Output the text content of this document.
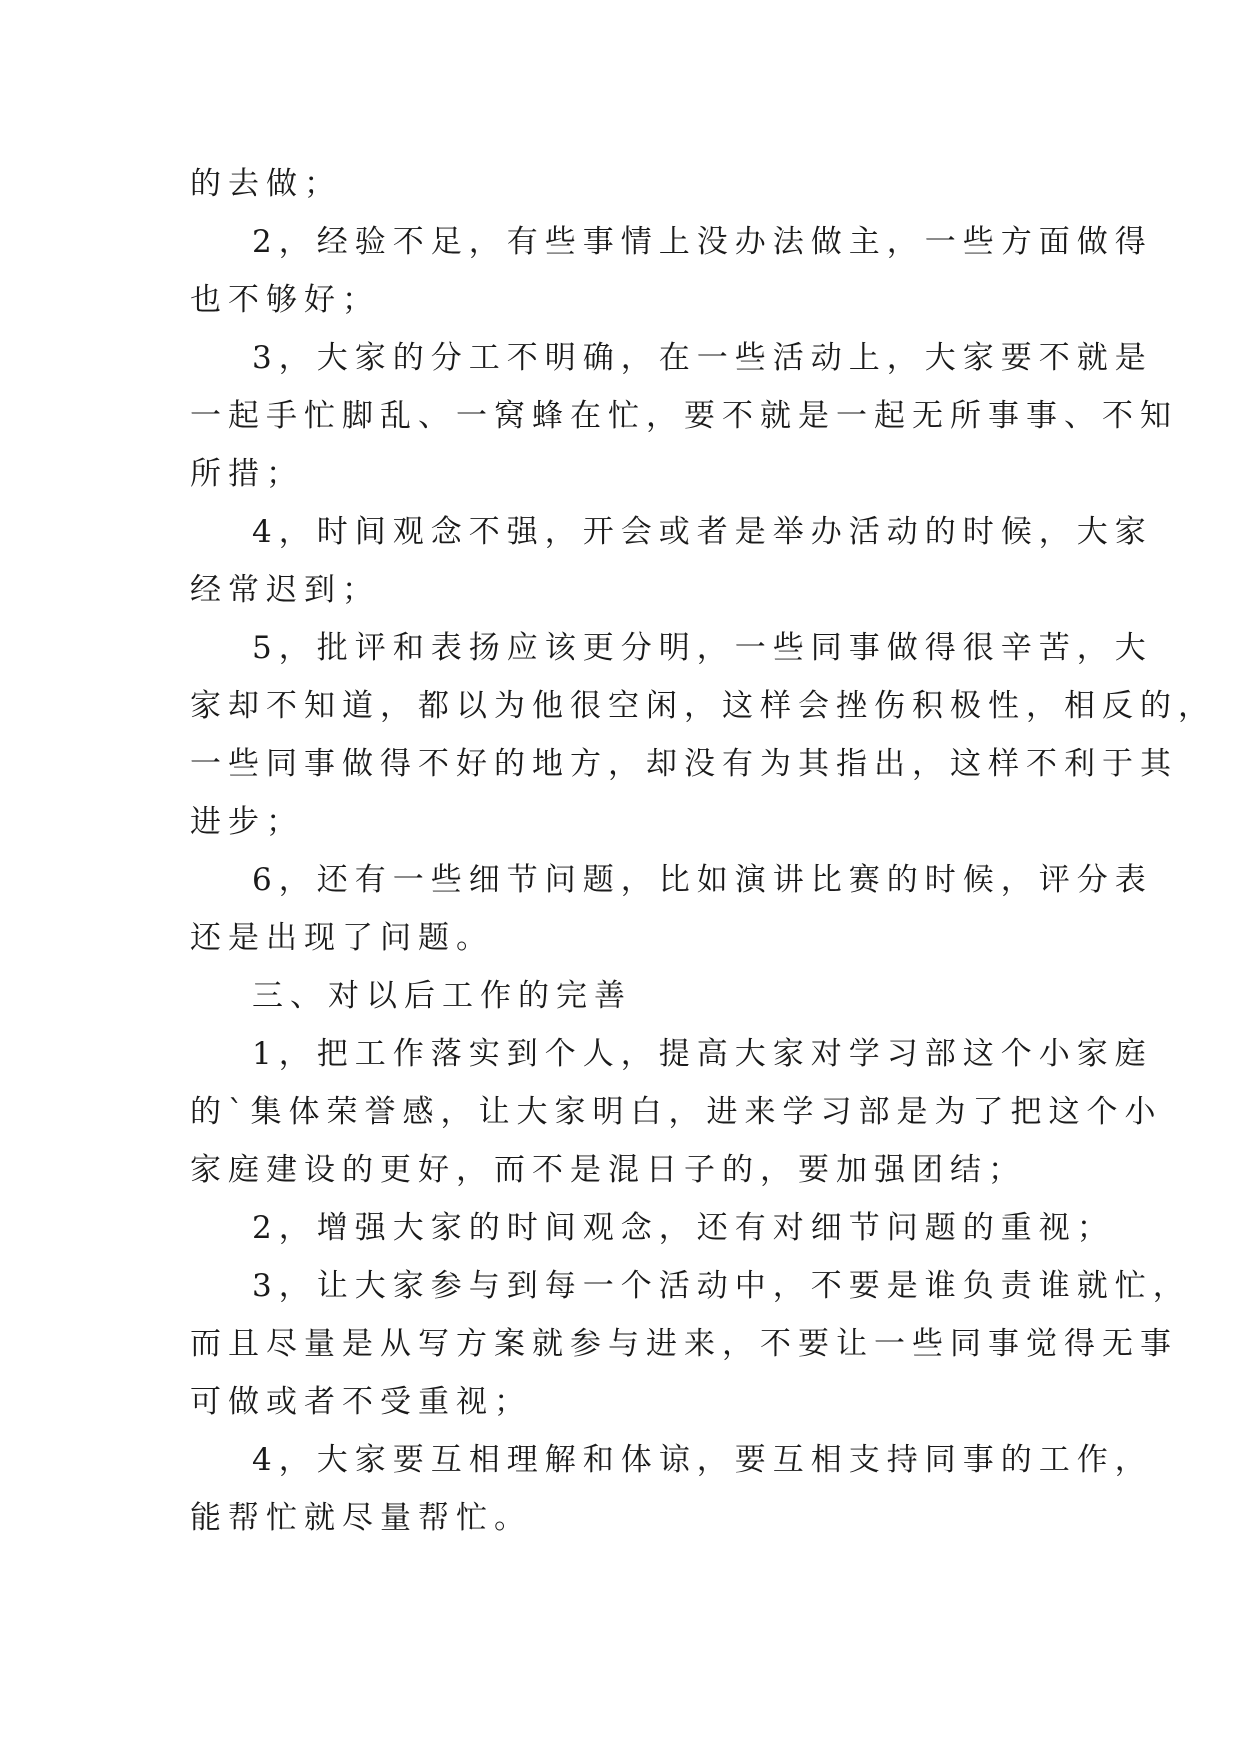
的去做；
2，经验不足，有些事情上没办法做主，一些方面做得
也不够好；
3，大家的分工不明确，在一些活动上，大家要不就是
一起手忙脚乱、一窝蜂在忙，要不就是一起无所事事、不知
所措；
4，时间观念不强，开会或者是举办活动的时候，大家
经常迟到；
5，批评和表扬应该更分明，一些同事做得很辛苦，大
家却不知道，都以为他很空闲，这样会挫伤积极性，相反的，
一些同事做得不好的地方，却没有为其指出，这样不利于其
进步；
6，还有一些细节问题，比如演讲比赛的时候，评分表
还是出现了问题。
三、对以后工作的完善
1，把工作落实到个人，提高大家对学习部这个小家庭
的`集体荣誉感，让大家明白，进来学习部是为了把这个小
家庭建设的更好，而不是混日子的，要加强团结；
2，增强大家的时间观念，还有对细节问题的重视；
3，让大家参与到每一个活动中，不要是谁负责谁就忙，
而且尽量是从写方案就参与进来，不要让一些同事觉得无事
可做或者不受重视；
4，大家要互相理解和体谅，要互相支持同事的工作，
能帮忙就尽量帮忙。
